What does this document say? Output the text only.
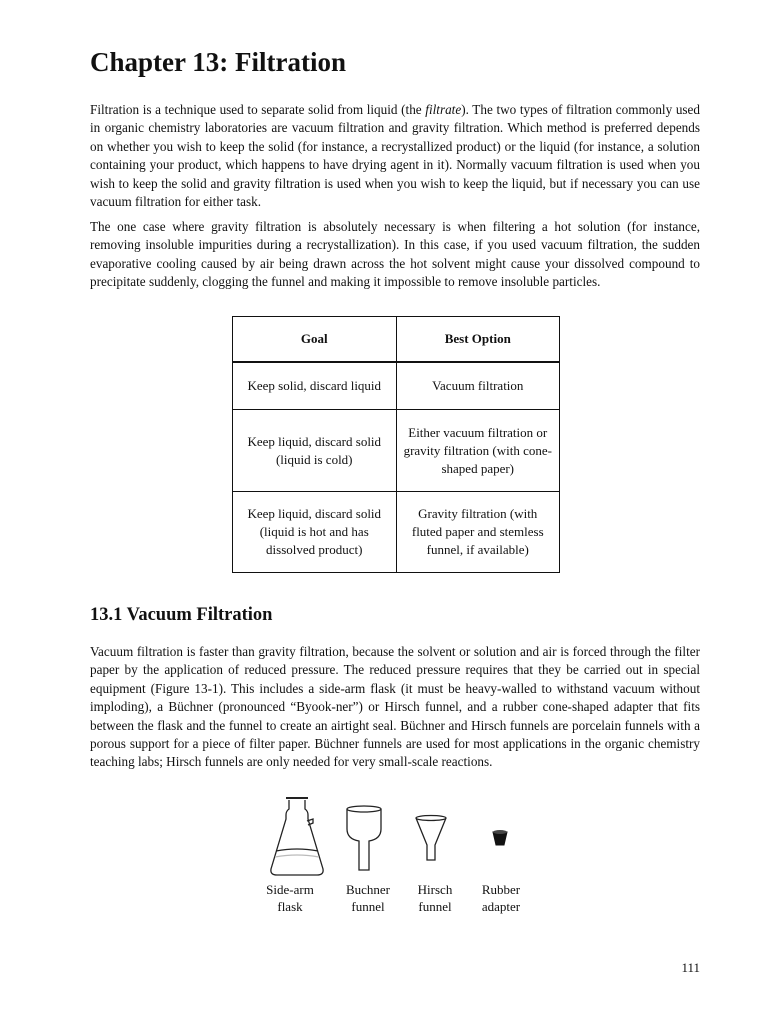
Chapter 13: Filtration

Filtration is a technique used to separate solid from liquid (the filtrate). The two types of filtration commonly used in organic chemistry laboratories are vacuum filtration and gravity filtration. Which method is preferred depends on whether you wish to keep the solid (for instance, a recrystallized product) or the liquid (for instance, a solution containing your product, which happens to have drying agent in it). Normally vacuum filtration is used when you wish to keep the solid and gravity filtration is used when you wish to keep the liquid, but if necessary you can use vacuum filtration for either task.

The one case where gravity filtration is absolutely necessary is when filtering a hot solution (for instance, removing insoluble impurities during a recrystallization). In this case, if you used vacuum filtration, the sudden evaporative cooling caused by air being drawn across the hot solvent might cause your dissolved compound to precipitate suddenly, clogging the funnel and making it impossible to remove insoluble particles.

Goal	Best Option
Keep solid, discard liquid	Vacuum filtration
Keep liquid, discard solid (liquid is cold)	Either vacuum filtration or gravity filtration (with cone-shaped paper)
Keep liquid, discard solid (liquid is hot and has dissolved product)	Gravity filtration (with fluted paper and stemless funnel, if available)
13.1 Vacuum Filtration

Vacuum filtration is faster than gravity filtration, because the solvent or solution and air is forced through the filter paper by the application of reduced pressure. The reduced pressure requires that they be carried out in special equipment (Figure 13-1). This includes a side-arm flask (it must be heavy-walled to withstand vacuum without imploding), a Büchner (pronounced “Byook-ner”) or Hirsch funnel, and a rubber cone-shaped adapter that fits between the flask and the funnel to create an airtight seal. Büchner and Hirsch funnels are porcelain funnels with a porous support for a piece of filter paper. Büchner funnels are used for most applications in the organic chemistry teaching labs; Hirsch funnels are only needed for very small-scale reactions.

Side-arm
flask
Buchner
funnel
Hirsch
funnel
Rubber
adapter

111
